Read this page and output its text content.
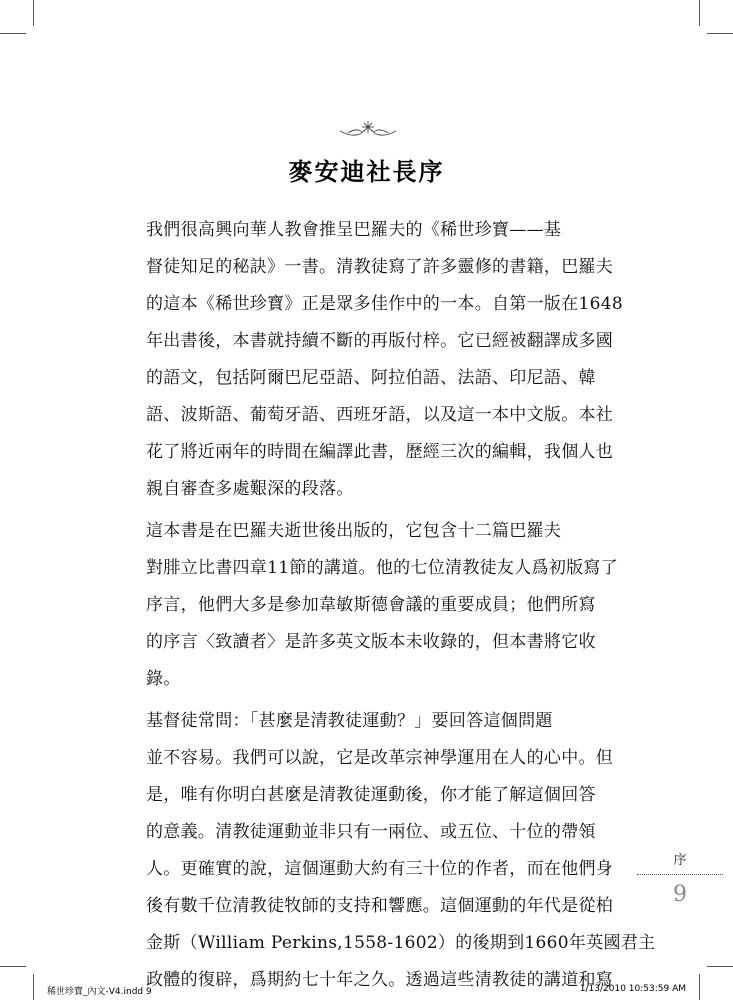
麥安迪社長序
我們很高興向華人教會推呈巴羅夫的《稀世珍寶——基
督徒知足的秘訣》一書。清教徒寫了許多靈修的書籍，巴羅夫
的這本《稀世珍寶》正是眾多佳作中的一本。自第一版在1648
年出書後，本書就持續不斷的再版付梓。它已經被翻譯成多國
的語文，包括阿爾巴尼亞語、阿拉伯語、法語、印尼語、韓
語、波斯語、葡萄牙語、西班牙語，以及這一本中文版。本社
花了將近兩年的時間在編譯此書，歷經三次的編輯，我個人也
親自審查多處艱深的段落。
這本書是在巴羅夫逝世後出版的，它包含十二篇巴羅夫
對腓立比書四章11節的講道。他的七位清教徒友人爲初版寫了
序言，他們大多是參加韋敏斯德會議的重要成員；他們所寫
的序言〈致讀者〉是許多英文版本未收錄的，但本書將它收
錄。
基督徒常問：「甚麼是清教徒運動？」要回答這個問題
並不容易。我們可以說，它是改革宗神學運用在人的心中。但
是，唯有你明白甚麼是清教徒運動後，你才能了解這個回答
的意義。清教徒運動並非只有一兩位、或五位、十位的帶領
人。更確實的說，這個運動大約有三十位的作者，而在他們身
後有數千位清教徒牧師的支持和響應。這個運動的年代是從柏
金斯（William Perkins,1558-1602）的後期到1660年英國君主
政體的復辟，爲期約七十年之久。透過這些清教徒的講道和寫
序
9
稀世珍寶_內文-V4.indd 9	1/13/2010 10:53:59 AM
